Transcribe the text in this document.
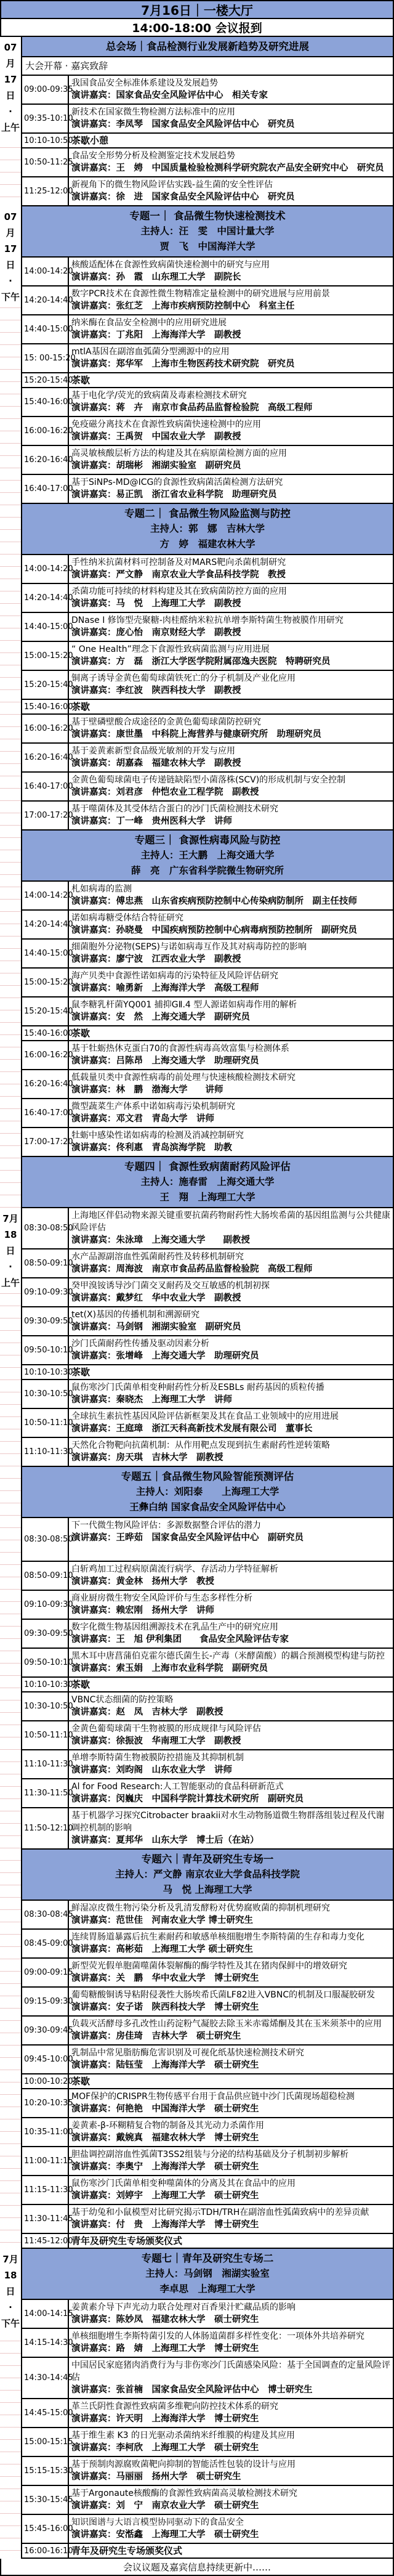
7月16日｜一楼大厅
14:00-18:00 会议报到
总会场｜食品检测行业发展新趋势及研究进展
大会开幕 · 嘉宾致辞
09:00-09:35
我国食品安全标准体系建设及发展趋势
演讲嘉宾：国家食品安全风险评估中心　相关专家
09:35-10:10
新技术在国家微生物检测方法标准中的应用
演讲嘉宾：李凤琴　国家食品安全风险评估中心　研究员
10:10-10:50
茶歇小憩
10:50-11:25
食品安全形势分析及检测鉴定技术发展趋势
演讲嘉宾：王　娉　中国质量检验检测科学研究院农产品安全研究中心　研究员
11:25-12:00
新视角下的微生物风险评估实践-益生菌的安全性评估
演讲嘉宾：徐　进　国家食品安全风险评估中心　研究员
专题一｜ 食品微生物快速检测技术
主持人：汪　雯　中国计量大学
贾　飞　中国海洋大学
14:00-14:20
核酸适配体在食源性致病菌快速检测中的研究与应用
演讲嘉宾：孙　霞　山东理工大学　副院长
14:20-14:40
数字PCR技术在食源性微生物精准定量检测中的研究进展与应用前景
演讲嘉宾：张红芝　上海市疾病预防控制中心　科室主任
14:40-15:00
纳米酶在食品安全检测中的应用研究进展
演讲嘉宾：丁兆阳　上海海洋大学　副教授
15: 00-15:20
mtlA基因在副溶血弧菌分型溯源中的应用
演讲嘉宾：郑华军　上海市生物医药技术研究院　研究员
15:20-15:40
茶歇
15:40-16:00
基于电化学/荧光的致病菌及毒素检测技术研究
演讲嘉宾：蒋　卉　南京市食品药品监督检验院　高级工程师
16:00-16:20
免疫磁分离技术在食源性致病菌快速检测中的应用
演讲嘉宾：王禹贺　中国农业大学　副教授
16:20-16:40
高灵敏核酸层析方法的构建及其在病原菌检测方面的应用
演讲嘉宾：胡瑞彬　湘湖实验室　副研究员
16:40-17:00
基于SiNPs-MD@ICG的食源性致病菌活菌检测方法研究
演讲嘉宾：易正凯　浙江省农业科学院　助理研究员
专题二｜ 食品微生物风险监测与防控
主持人：郭　娜　吉林大学
方　婷　福建农林大学
14:00-14:20
手性纳米抗菌材料可控制备及对MARS靶向杀菌机制研究
演讲嘉宾：严文静　南京农业大学食品科技学院　教授
14:20-14:40
杀菌功能可持续的材料构建及其在致病菌防控方面的应用
演讲嘉宾：马　悦　上海理工大学　副教授
14:40-15:00
DNase I 修饰型壳聚糖-肉桂醛纳米粒抗单增李斯特菌生物被膜作用研究
演讲嘉宾：庞心怡　南京财经大学　副教授
15:00-15:20
“ One Health”理念下食源性致病菌监测与应用进展
演讲嘉宾：方　磊　浙江大学医学院附属邵逸夫医院　特聘研究员
15:20-15:40
铜离子诱导金黄色葡萄球菌铁死亡的分子机制及产业化应用
演讲嘉宾：李红波　陕西科技大学　副教授
15:40-16:00
茶歇
16:00-16:20
基于壁磷壁酸合成途径的金黄色葡萄球菌防控研究
演讲嘉宾：康世墨　中科院上海营养与健康研究所　助理研究员
16:20-16:40
基于姜黄素新型食品级光敏剂的开发与应用
演讲嘉宾：胡嘉森　福建农林大学　副教授
16:40-17:00
金黄色葡萄球菌电子传递链缺陷型小菌落株(SCV)的形成机制与安全控制
演讲嘉宾：刘君彦　仲恺农业工程学院　副教授
17:00-17:20
基于噬菌体及其受体结合蛋白的沙门氏菌检测技术研究
演讲嘉宾：丁一峰　贵州医科大学　讲师
专题三｜ 食源性病毒风险与防控
主持人：王大鹏　上海交通大学
薛　亮　广东省科学院微生物研究所
14:00-14:20
札如病毒的监测
演讲嘉宾：傅忠燕　山东省疾病预防控制中心传染病防制所　副主任技师
14:20-14:40
诺如病毒糖受体结合特征研究
演讲嘉宾：孙晓曼　中国疾病预防控制中心病毒病预防控制所　副研究员
14:40-15:00
细菌胞外分泌物(SEPS)与诺如病毒互作及其对病毒防控的影响
演讲嘉宾：廖宁波　江西农业大学　副教授
15:00-15:20
海产贝类中食源性诺如病毒的污染特征及风险评估研究
演讲嘉宾：喻勇新　上海海洋大学　高级工程师
15:20-15:40
鼠李糖乳杆菌YQ001 捕抑GⅡ.4 型人源诺如病毒作用的解析
演讲嘉宾：安　然　上海交通大学　副研究员
15:40-16:00
茶歇
16:00-16:20
基于牡蛎热休克蛋白70的食源性病毒高效富集与检测体系
演讲嘉宾：吕陈昂　上海交通大学　助理研究员
16:20-16:40
低载量贝类中食源性病毒的前处理与快速核酸检测技术研究
演讲嘉宾：林　鹏　渤海大学　　讲师
16:40-17:00
微型蔬菜生产体系中诺如病毒污染机制研究
演讲嘉宾：邓文君　青岛大学　讲师
17:00-17:20
牡蛎中感染性诺如病毒的检测及消减控制研究
演讲嘉宾：佟利惠　青岛滨海学院　助教
专题四｜ 食源性致病菌耐药风险评估
主持人：施春雷　上海交通大学
王　翔　上海理工大学
08:30-08:50
上海地区伴侣动物来源关键重要抗菌药物耐药性大肠埃希菌的基因组监测与公共健康风险评估
演讲嘉宾：朱泳璋　上海交通大学　　副教授
08:50-09:10
水产品源副溶血性弧菌耐药性及转移机制研究
演讲嘉宾：周海波　南京市食品药品监督检验院　高级工程师
09:10-09:30
癸甲溴铵诱导沙门菌交叉耐药及交互敏感的机制初探
演讲嘉宾：戴梦红　华中农业大学　副教授
09:30-09:50
tet(X)基因的传播机制和溯源研究
演讲嘉宾：马剑钢　湘湖实验室　副研究员
09:50-10:10
沙门氏菌耐药性传播及驱动因素分析
演讲嘉宾：张增峰　上海交通大学　助理研究员
10:10-10:30
茶歇
10:30-10:50
鼠伤寒沙门氏菌单相变种耐药性分析及ESBLs 耐药基因的质粒传播
演讲嘉宾：秦晓杰　上海理工大学　讲师
10:50-11:10
全球抗生素抗性基因风险评估新框架及其在食品工业领域中的应用进展
演讲嘉宾：王庭璋　浙江天科高新技术发展有限公司　董事长
11:10-11:30
天然化合物靶向抗菌机制：从作用靶点发现到抗生素耐药性逆转策略
演讲嘉宾：房天琪　吉林大学　副教授
专题五｜食品微生物风险智能预测评估
主持人：刘阳泰　　上海理工大学
王彝白纳 国家食品安全风险评估中心
08:30-08:50
下一代微生物风险评估：多源数据整合评估的潜力
演讲嘉宾：王晔茹　国家食品安全风险评估中心　副研究员
08:50-09:10
白斩鸡加工过程病原菌流行病学、存活动力学特征解析
演讲嘉宾：黄金林　扬州大学　教授
09:10-09:30
商业厨房微生物安全风险评价与生态多样性分析
演讲嘉宾：赖宏刚　扬州大学　讲师
09:30-09:50
数字化微生物基因组溯源技术在乳品生产中的研究应用
演讲嘉宾：王　旭 伊利集团　　食品安全风险评估专家
09:50-10:10
黑木耳中唐菖蒲伯克霍尔德氏菌生长-产毒（米酵菌酸）的耦合预测模型构建与防控
演讲嘉宾：索玉娟　上海市农业科学院　副研究员
10:10-10:30
茶歇
10:30-10:50
VBNC状态细菌的防控策略
演讲嘉宾：赵　凤　吉林大学　副教授
10:50-11:10
金黄色葡萄球菌干生物被膜的形成规律与风险评估
演讲嘉宾：徐振波　华南理工大学　副教授
11:10-11:30
单增李斯特菌生物被膜防控措施及其抑制机制
演讲嘉宾：刘昀阁　山东农业大学　讲师
11:30-11:50
Al for Food Research:人工智能驱动的食品科研新范式
演讲嘉宾：闵巍庆　中国科学院计算技术研究所　副研究员
11:50-12:10
基于机器学习探究Citrobacter braakii对水生动物肠道微生物群落组装过程及代谢调控机制的影响
演讲嘉宾：夏邦华　山东大学　博士后（在站）
专题六｜青年及研究生专场一
主持人：严文静 南京农业大学食品科技学院
马　悦 上海理工大学
08:30-08:45
鲜湿凉皮微生物污染分析及乳清发酵粉对优势腐败菌的抑制机理研究
演讲嘉宾：范世佳　河南农业大学 博士研究生
08:45-09:00
连续胃肠道暴露后抗生素耐药和敏感单核细胞增生李斯特菌的生存和毒力变化
演讲嘉宾：高彬茹　上海理工大学 硕士研究生
09:00-09:15
新型荧光假单胞菌噬菌体裂解酶的酶学特性及其在猪肉保鲜中的增效研究
演讲嘉宾：关　鹏　华中农业大学　博士研究生
09:15-09:30
葡萄糖酸铜诱导粘附侵袭性大肠埃希氏菌LF82进入VBNC的机制及口服凝胶研发
演讲嘉宾：安子诺　陕西科技大学　博士研究生
09:30-09:45
负载灭活酵母多孔改性山药淀粉气凝胶去除玉米赤霉烯酮及其在玉米须茶中的应用
演讲嘉宾：房佳琦　吉林大学　硕士研究生
09:45-10:00
乳制品中常见脂肪酶危害识别及可视化纸基快速检测技术研究
演讲嘉宾：陆钰莹　上海海洋大学　硕士研究生
10:00-10:20
茶歇
10:20-10:35
MOF保护的CRISPR生物传感平台用于食品供应链中沙门氏菌现场超稳检测
演讲嘉宾：何艳艳　中国海洋大学　硕士研究生
10:35-11:00
姜黄素-β-环糊精复合物的制备及其光动力杀菌作用
演讲嘉宾：戴婉真　福建农林大学　博士研究生
11:00-11:15
胆盐调控副溶血性弧菌T3SS2组装与分泌的结构基础及分子机制初步解析
演讲嘉宾：李奥宁　上海海洋大学　硕士研究生
11:15-11:30
鼠伤寒沙门氏菌单相变种噬菌体的分离及其在食品中的应用
演讲嘉宾：刘婷宇　上海理工大学　硕士研究生
11:30-11:45
基于幼兔和小鼠模型对比研究揭示TDH/TRH在副溶血性弧菌致病中的差异贡献
演讲嘉宾：付　贵　上海海洋大学　博士研究生
11:45-12:00
青年及研究生专场颁奖仪式
专题七｜青年及研究生专场二
主持人：马剑钢　湘湖实验室
李卓思　上海理工大学
14:00-14:15
姜黄素介导下声光动力联合处理对百香果汁贮藏品质的影响
演讲嘉宾：陈妙凤　福建农林大学　硕士研究生
14:15-14:30
单核细胞增生李斯特菌引发的人体肠道菌群多样性变化：一项体外共培养研究
演讲嘉宾：路　婧　上海理工大学　博士研究生
14:30-14:45
中国居民家庭猪肉消费行为与非伤寒沙门氏菌感染风险：基于全国调查的定量风险评估
演讲嘉宾：张首楠　国家食品安全风险评估中心　博士研究生
14:45-15:00
革兰氏阴性食源性致病菌多维靶向防控技术体系的研究
演讲嘉宾：许天明　上海海洋大学　博士研究生
15:00-15:15
基于维生素 K3 的日光驱动杀菌纳米纤维膜的构建及其应用
演讲嘉宾：李柯欣　上海理工大学　硕士研究生
15:15-15:30
基于预制肉源腐败菌靶向抑制的智能活性包装的设计与应用
演讲嘉宾：马丽丽　扬州大学　硕士研究生
15:30-15:45
基于Argonaute核酸酶的食源性致病菌高灵敏检测技术研究
演讲嘉宾：刘　宁　南京农业大学　硕士研究生
15:45-16:00
知识图谱与大语言模型协同驱动下的食品安全
演讲嘉宾：安湉鑫　上海理工大学　硕士研究生
16:00-16:10
青年及研究生专场颁奖仪式
会议议题及嘉宾信息持续更新中……
07月
17日
·
上午
07月
17日
·
下午
7月
18日
·
上午
7月
18日
·
下午
